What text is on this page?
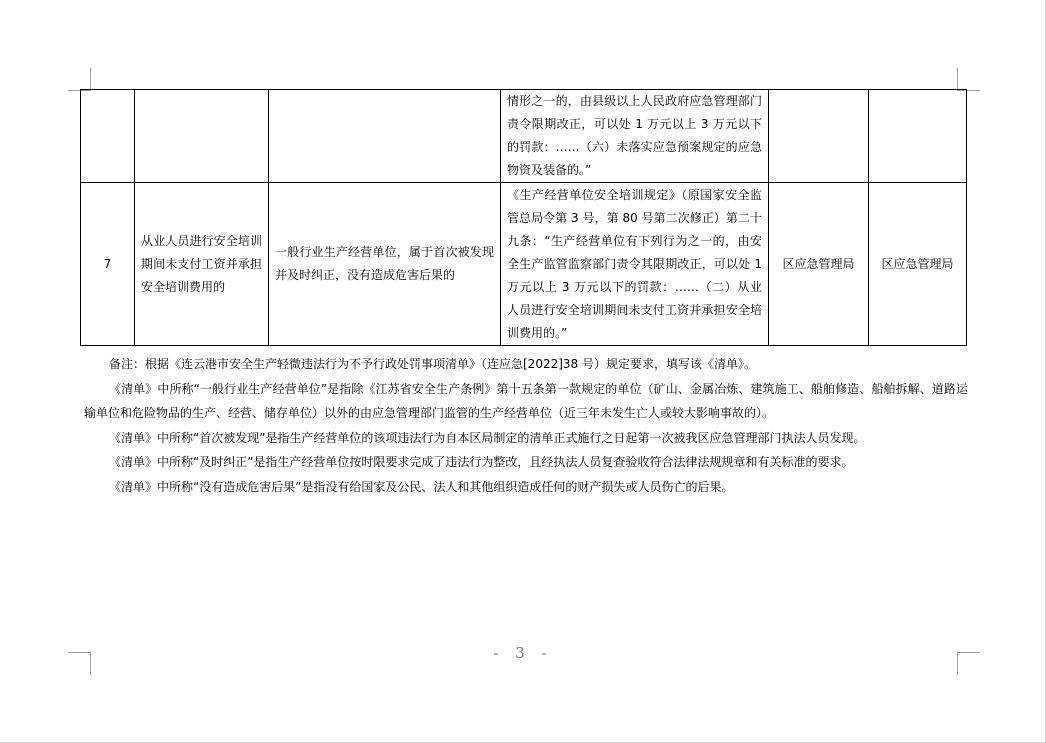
			情形之一的，由县级以上人民政府应急管理部门责令限期改正，可以处 1 万元以上 3 万元以下的罚款：……（六）未落实应急预案规定的应急物资及装备的。”		
7	从业人员进行安全培训期间未支付工资并承担安全培训费用的	一般行业生产经营单位，属于首次被发现并及时纠正，没有造成危害后果的	《生产经营单位安全培训规定》（原国家安全监管总局令第 3 号，第 80 号第二次修正）第二十九条：“生产经营单位有下列行为之一的，由安全生产监管监察部门责令其限期改正，可以处 1 万元以上 3 万元以下的罚款：……（二）从业人员进行安全培训期间未支付工资并承担安全培训费用的。”	区应急管理局	区应急管理局

备注：根据《连云港市安全生产轻微违法行为不予行政处罚事项清单》（连应急[2022]38 号）规定要求，填写该《清单》。

《清单》中所称“一般行业生产经营单位”是指除《江苏省安全生产条例》第十五条第一款规定的单位（矿山、金属冶炼、建筑施工、船舶修造、船舶拆解、道路运输单位和危险物品的生产、经营、储存单位）以外的由应急管理部门监管的生产经营单位（近三年未发生亡人或较大影响事故的）。

《清单》中所称“首次被发现”是指生产经营单位的该项违法行为自本区局制定的清单正式施行之日起第一次被我区应急管理部门执法人员发现。

《清单》中所称“及时纠正”是指生产经营单位按时限要求完成了违法行为整改，且经执法人员复查验收符合法律法规规章和有关标准的要求。

《清单》中所称“没有造成危害后果”是指没有给国家及公民、法人和其他组织造成任何的财产损失或人员伤亡的后果。

- 3 -
